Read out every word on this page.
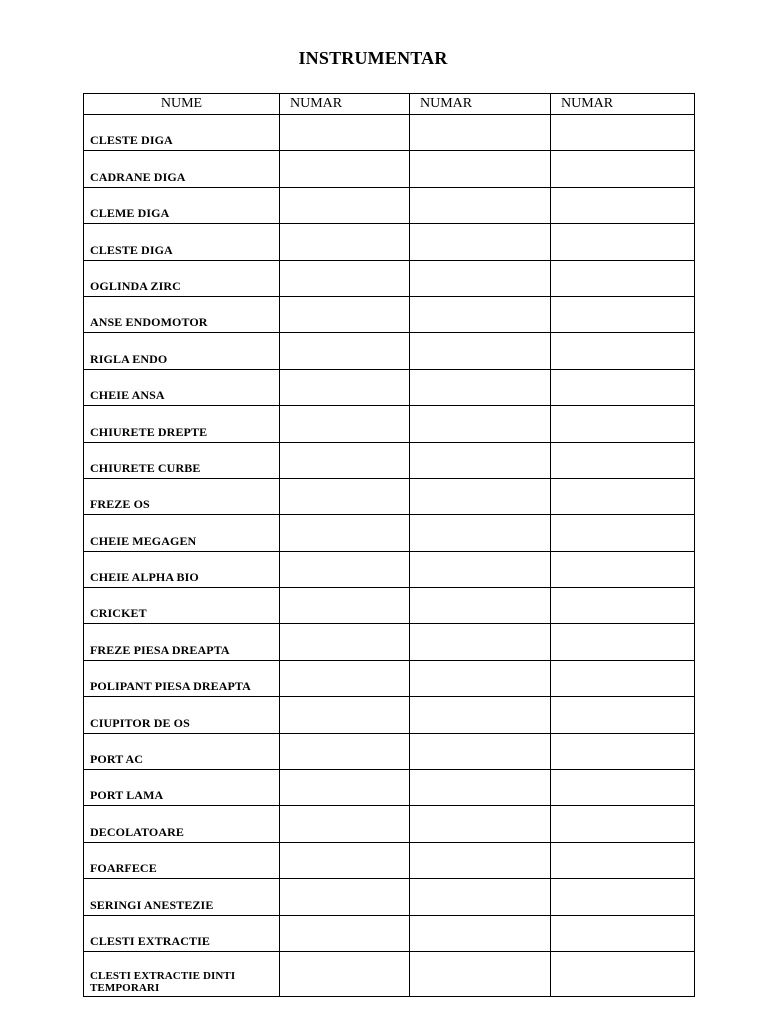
INSTRUMENTAR
NUME	NUMAR	NUMAR	NUMAR
CLESTE DIGA			
CADRANE DIGA			
CLEME DIGA			
CLESTE DIGA			
OGLINDA ZIRC			
ANSE ENDOMOTOR			
RIGLA ENDO			
CHEIE ANSA			
CHIURETE DREPTE			
CHIURETE CURBE			
FREZE OS			
CHEIE MEGAGEN			
CHEIE ALPHA BIO			
CRICKET			
FREZE PIESA DREAPTA			
POLIPANT PIESA DREAPTA			
CIUPITOR DE OS			
PORT AC			
PORT LAMA			
DECOLATOARE			
FOARFECE			
SERINGI ANESTEZIE			
CLESTI EXTRACTIE			
CLESTI EXTRACTIE DINTI TEMPORARI			
